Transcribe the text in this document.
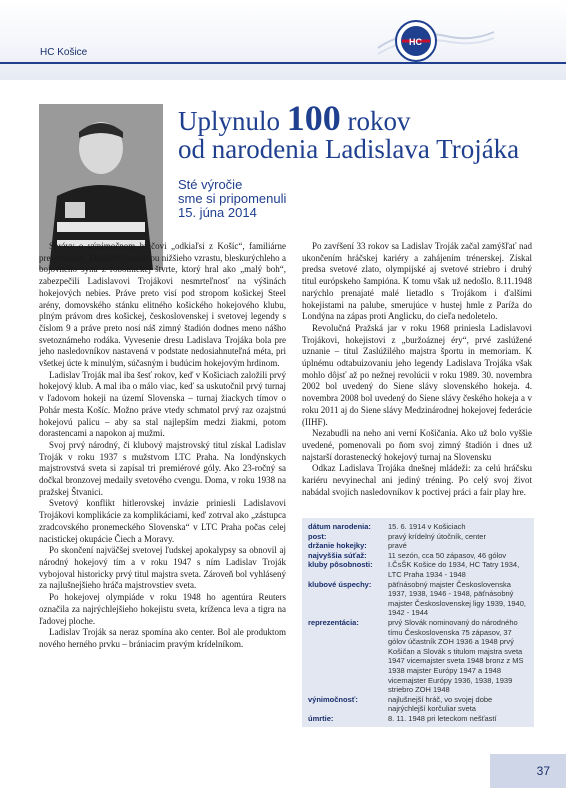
HC Košice
HC
Uplynulo 100 rokov
od narodenia Ladislava Trojáka
Sté výročie
sme si pripomenuli
15. júna 2014

Správy o výnimočnom hráčovi „odkiaľsi z Košíc“, familiárne prezývanom „Dzindzi“, postavou nižšieho vzrastu, bleskurýchleho a bojovného syna z robotníckej štvrte, ktorý hral ako „malý boh“, zabezpečili Ladislavovi Trojákovi nesmrteľnosť na výšinách hokejových nebies. Práve preto visí pod stropom košickej Steel arény, domovského stánku elitného košického hokejového klubu, plným právom dres košickej, československej i svetovej legendy s číslom 9 a práve preto nosí náš zimný štadión dodnes meno nášho svetoznámeho rodáka. Vyvesenie dresu Ladislava Trojáka bola pre jeho nasledovníkov nastavená v podstate nedosiahnuteľná méta, pri všetkej úcte k minulým, súčasným i budúcim hokejovým hrdinom.

Ladislav Troják mal iba šesť rokov, keď v Košiciach založili prvý hokejový klub. A mal iba o málo viac, keď sa uskutočnil prvý turnaj v ľadovom hokeji na území Slovenska – turnaj žiackych tímov o Pohár mesta Košíc. Možno práve vtedy schmatol prvý raz ozajstnú hokejovú palicu – aby sa stal najlepším medzi žiakmi, potom dorastencami a napokon aj mužmi.

Svoj prvý národný, či klubový majstrovský titul získal Ladislav Troják v roku 1937 s mužstvom LTC Praha. Na londýnskych majstrovstvá sveta si zapísal tri premiérové góly. Ako 23-ročný sa dočkal bronzovej medaily svetového cvengu. Doma, v roku 1938 na pražskej Štvanici.

Svetový konflikt hitlerovskej invázie priniesli Ladislavovi Trojákovi komplikácie za komplikáciami, keď zotrval ako „zástupca zradcovského pronemeckého Slovenska“ v LTC Praha počas celej nacistickej okupácie Čiech a Moravy.

Po skončení najväčšej svetovej ľudskej apokalypsy sa obnovil aj národný hokejový tím a v roku 1947 s ním Ladislav Troják vybojoval historicky prvý titul majstra sveta. Zároveň bol vyhlásený za najlušnejšieho hráča majstrovstiev sveta.

Po hokejovej olympiáde v roku 1948 ho agentúra Reuters označila za najrýchlejšieho hokejistu sveta, kríženca leva a tigra na ľadovej ploche.

Ladislav Troják sa neraz spomína ako center. Bol ale produktom nového herného prvku – brániacim pravým krídelníkom.

Po zavŕšení 33 rokov sa Ladislav Troják začal zamýšľať nad ukončením hráčskej kariéry a zahájením trénerskej. Získal predsa svetové zlato, olympijské aj svetové striebro i druhý titul európskeho šampióna. K tomu však už nedošlo. 8.11.1948 narýchlo prenajaté malé lietadlo s Trojákom i ďalšími hokejistami na palube, smerujúce v hustej hmle z Paríža do Londýna na zápas proti Anglicku, do cieľa nedoletelo.

Revolučná Pražská jar v roku 1968 priniesla Ladislavovi Trojákovi, hokejistovi z „buržoáznej éry“, prvé zaslúžené uznanie – titul Zaslúžilého majstra športu in memoriam. K úplnému odtabuizovaniu jeho legendy Ladislava Trojáka však mohlo dôjsť až po nežnej revolúcii v roku 1989. 30. novembra 2002 bol uvedený do Siene slávy slovenského hokeja. 4. novembra 2008 bol uvedený do Siene slávy českého hokeja a v roku 2011 aj do Siene slávy Medzinárodnej hokejovej federácie (IIHF).

Nezabudli na neho ani verní Košičania. Ako už bolo vyššie uvedené, pomenovali po ňom svoj zimný štadión i dnes už najstarší dorastenecký hokejový turnaj na Slovensku

Odkaz Ladislava Trojáka dnešnej mládeži: za celú hráčsku kariéru nevyinechal ani jediný tréning. Po celý svoj život nabádal svojich nasledovníkov k poctivej práci a fair play hre.

dátum narodenia:	15. 6. 1914 v Košiciach
post:	pravý krídelný útočník, center
držanie hokejky:	pravé
najvyššia súťaž:	11 sezón, cca 50 zápasov, 46 gólov
kluby pôsobnosti:	I.ČsŠK Košice do 1934, HC Tatry 1934, LTC Praha 1934 - 1948
klubové úspechy:	päťnásobný majster Československa 1937, 1938, 1946 - 1948, päťnásobný majster Československej ligy 1939, 1940, 1942 - 1944
reprezentácia:	prvý Slovák nominovaný do národného tímu Československa 75 zápasov, 37 gólov účastník ZOH 1936 a 1948 prvý Košičan a Slovák s titulom majstra sveta 1947 vicemajster sveta 1948 bronz z MS 1938 majster Európy 1947 a 1948 vicemajster Európy 1936, 1938, 1939 striebro ZOH 1948
výnimočnosť:	najlušnejší hráč, vo svojej dobe najrýchlejší korčuliar sveta
úmrtie:	8. 11. 1948 pri leteckom nešťastí
37
